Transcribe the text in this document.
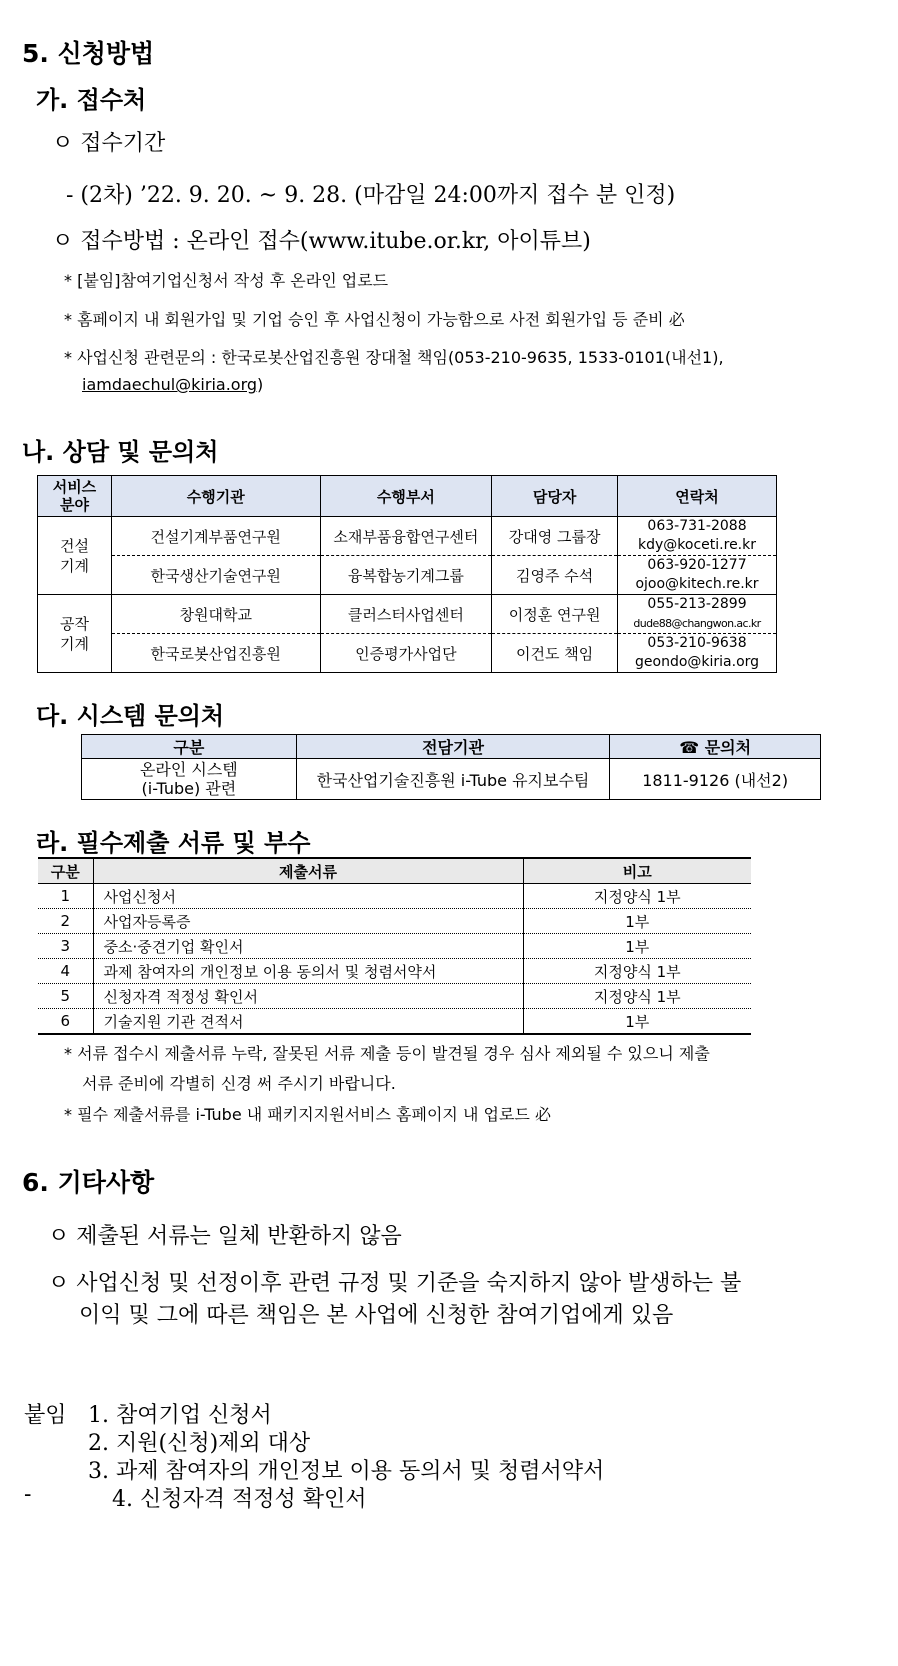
5. 신청방법
가. 접수처
ㅇ 접수기간
- (2차) ’22. 9. 20. ~ 9. 28. (마감일 24:00까지 접수 분 인정)
ㅇ 접수방법 : 온라인 접수(www.itube.or.kr, 아이튜브)
* [붙임]참여기업신청서 작성 후 온라인 업로드
* 홈페이지 내 회원가입 및 기업 승인 후 사업신청이 가능함으로 사전 회원가입 등 준비 必
* 사업신청 관련문의 : 한국로봇산업진흥원 장대철 책임(053-210-9635, 1533-0101(내선1),
iamdaechul@kiria.org)
나. 상담 및 문의처
서비스
분야	수행기관	수행부서	담당자	연락처
건설
기계	건설기계부품연구원	소재부품융합연구센터	강대영 그룹장	063-731-2088
kdy@koceti.re.kr
	한국생산기술연구원	융복합농기계그룹	김영주 수석	063-920-1277
ojoo@kitech.re.kr
공작
기계	창원대학교	클러스터사업센터	이정훈 연구원	055-213-2899
dude88@changwon.ac.kr
	한국로봇산업진흥원	인증평가사업단	이건도 책임	053-210-9638
geondo@kiria.org
다. 시스템 문의처
구분	전담기관	☎ 문의처
온라인 시스템
(i-Tube) 관련	한국산업기술진흥원 i-Tube 유지보수팀	1811-9126 (내선2)
라. 필수제출 서류 및 부수
구분	제출서류	비고
1	사업신청서	지정양식 1부
2	사업자등록증	1부
3	중소·중견기업 확인서	1부
4	과제 참여자의 개인정보 이용 동의서 및 청렴서약서	지정양식 1부
5	신청자격 적정성 확인서	지정양식 1부
6	기술지원 기관 견적서	1부
* 서류 접수시 제출서류 누락, 잘못된 서류 제출 등이 발견될 경우 심사 제외될 수 있으니 제출
서류 준비에 각별히 신경 써 주시기 바랍니다.
* 필수 제출서류를 i-Tube 내 패키지지원서비스 홈페이지 내 업로드 必
6. 기타사항
ㅇ 제출된 서류는 일체 반환하지 않음
ㅇ 사업신청 및 선정이후 관련 규정 및 기준을 숙지하지 않아 발생하는 불
이익 및 그에 따른 책임은 본 사업에 신청한 참여기업에게 있음
붙임 1. 참여기업 신청서
2. 지원(신청)제외 대상
3. 과제 참여자의 개인정보 이용 동의서 및 청렴서약서
-	4. 신청자격 적정성 확인서
